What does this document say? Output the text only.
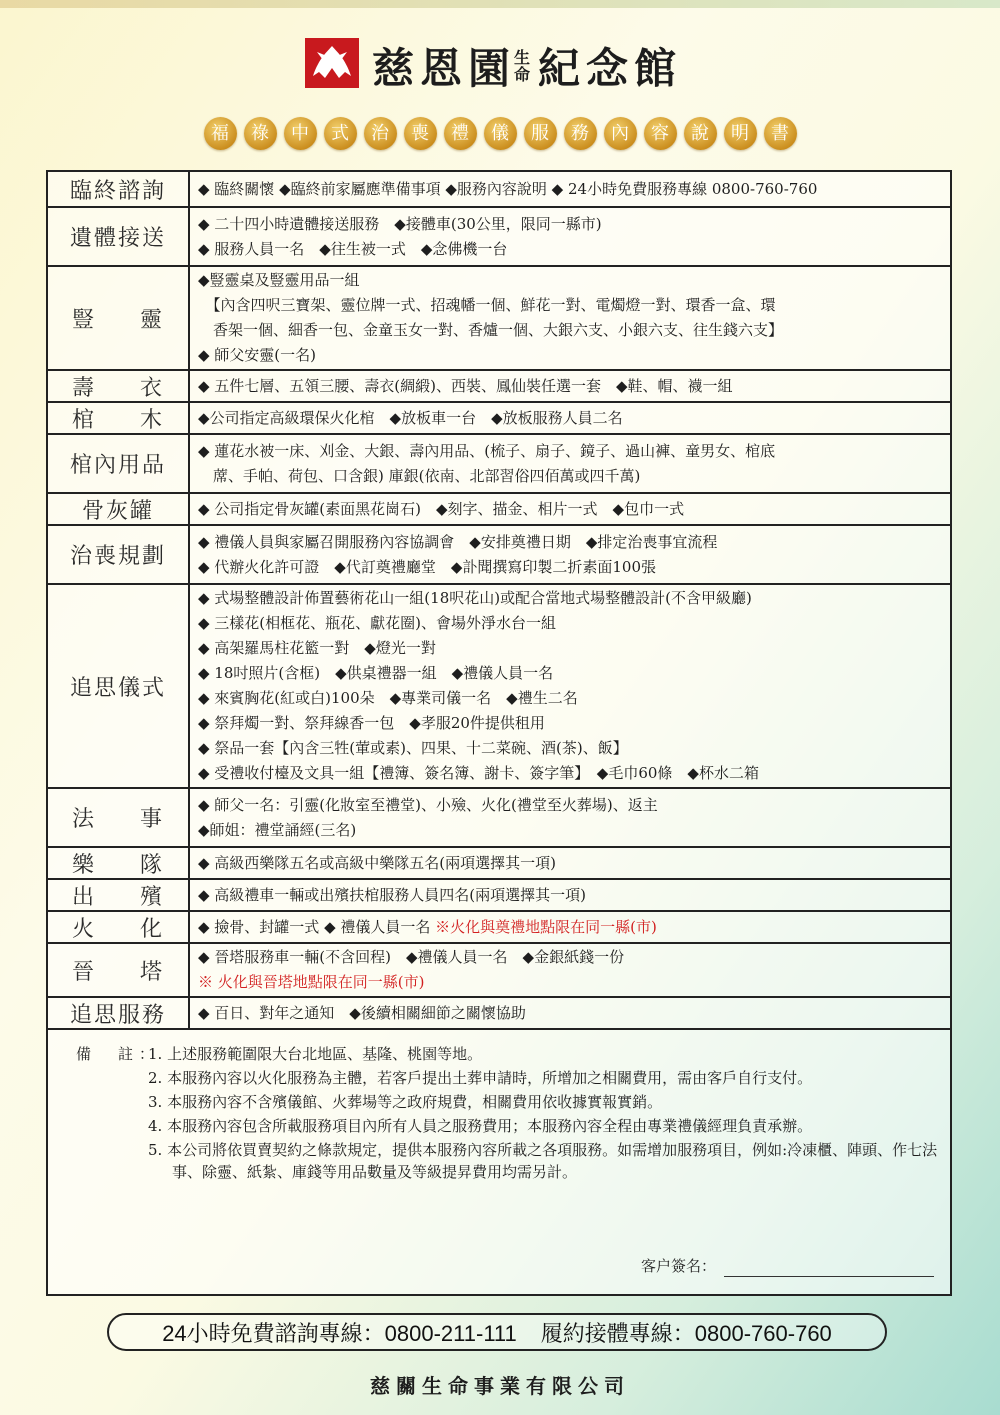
慈恩園生命 紀念館
福	祿	中	式	治	喪	禮	儀	服	務	內	容	說	明	書
備　註：
1. 上述服務範圍限大台北地區、基隆、桃園等地。
2. 本服務內容以火化服務為主體，若客戶提出土葬申請時，所增加之相關費用，需由客戶自行支付。
3. 本服務內容不含殯儀館、火葬場等之政府規費，相關費用依收據實報實銷。
4. 本服務內容包含所載服務項目內所有人員之服務費用；本服務內容全程由專業禮儀經理負責承辦。
5. 本公司將依買賣契約之條款規定，提供本服務內容所載之各項服務。如需增加服務項目，例如:冷凍櫃、陣頭、作七法事、除靈、紙紮、庫錢等用品數量及等級提昇費用均需另計。
客户簽名：
臨終諮詢	◆ 臨終關懷 ◆臨終前家屬應準備事項 ◆服務內容說明 ◆ 24小時免費服務專線 0800-760-760
遺體接送
◆ 二十四小時遺體接送服務　◆接體車(30公里，限同一縣市)
◆ 服務人員一名　◆往生被一式　◆念佛機一台
豎 靈
◆豎靈桌及豎靈用品一組
　【內含四呎三寶架、靈位牌一式、招魂幡一個、鮮花一對、電燭燈一對、環香一盒、環
　香架一個、細香一包、金童玉女一對、香爐一個、大銀六支、小銀六支、往生錢六支】
◆ 師父安靈(一名)
壽 衣 ◆ 五件七層、五領三腰、壽衣(綢緞)、西裝、鳳仙裝任選一套　◆鞋、帽、襪一組
棺 木 ◆公司指定高級環保火化棺　◆放板車一台　◆放板服務人員二名
棺內用品
◆ 蓮花水被一床、刈金、大銀、壽內用品、(梳子、扇子、鏡子、過山褲、童男女、棺底
　蓆、手帕、荷包、口含銀) 庫銀(依南、北部習俗四佰萬或四千萬)
骨灰罐	◆ 公司指定骨灰罐(素面黑花崗石)　◆刻字、描金、相片一式　◆包巾一式
治喪規劃
◆ 禮儀人員與家屬召開服務內容協調會　◆安排奠禮日期　◆排定治喪事宜流程
◆ 代辦火化許可證　◆代訂奠禮廳堂　◆訃聞撰寫印製二折素面100張
追思儀式
◆ 式場整體設計佈置藝術花山一組(18呎花山)或配合當地式場整體設計(不含甲級廳)
◆ 三樣花(相框花、瓶花、獻花圈)、會場外淨水台一組
◆ 高架羅馬柱花籃一對　◆燈光一對
◆ 18吋照片(含框)　◆供桌禮器一組　◆禮儀人員一名
◆ 來賓胸花(紅或白)100朵　◆專業司儀一名　◆禮生二名
◆ 祭拜燭一對、祭拜線香一包　◆孝服20件提供租用
◆ 祭品一套【內含三牲(葷或素)、四果、十二菜碗、酒(茶)、飯】
◆ 受禮收付檯及文具一組【禮簿、簽名簿、謝卡、簽字筆】　◆毛巾60條　◆杯水二箱
法 事
◆ 師父一名：引靈(化妝室至禮堂)、小殮、火化(禮堂至火葬場)、返主
◆師姐：禮堂誦經(三名)
樂 隊 ◆ 高級西樂隊五名或高級中樂隊五名(兩項選擇其一項)
出 殯 ◆ 高級禮車一輛或出殯扶棺服務人員四名(兩項選擇其一項)
火 化 ◆ 撿骨、封罐一式 ◆ 禮儀人員一名 ※火化與奠禮地點限在同一縣(市)
晉 塔
◆ 晉塔服務車一輛(不含回程)　◆禮儀人員一名　◆金銀紙錢一份
※ 火化與晉塔地點限在同一縣(市)
追思服務	◆ 百日、對年之通知　◆後續相關細節之關懷協助
24小時免費諮詢專線：0800-211-111 履約接體專線：0800-760-760
慈關生命事業有限公司
